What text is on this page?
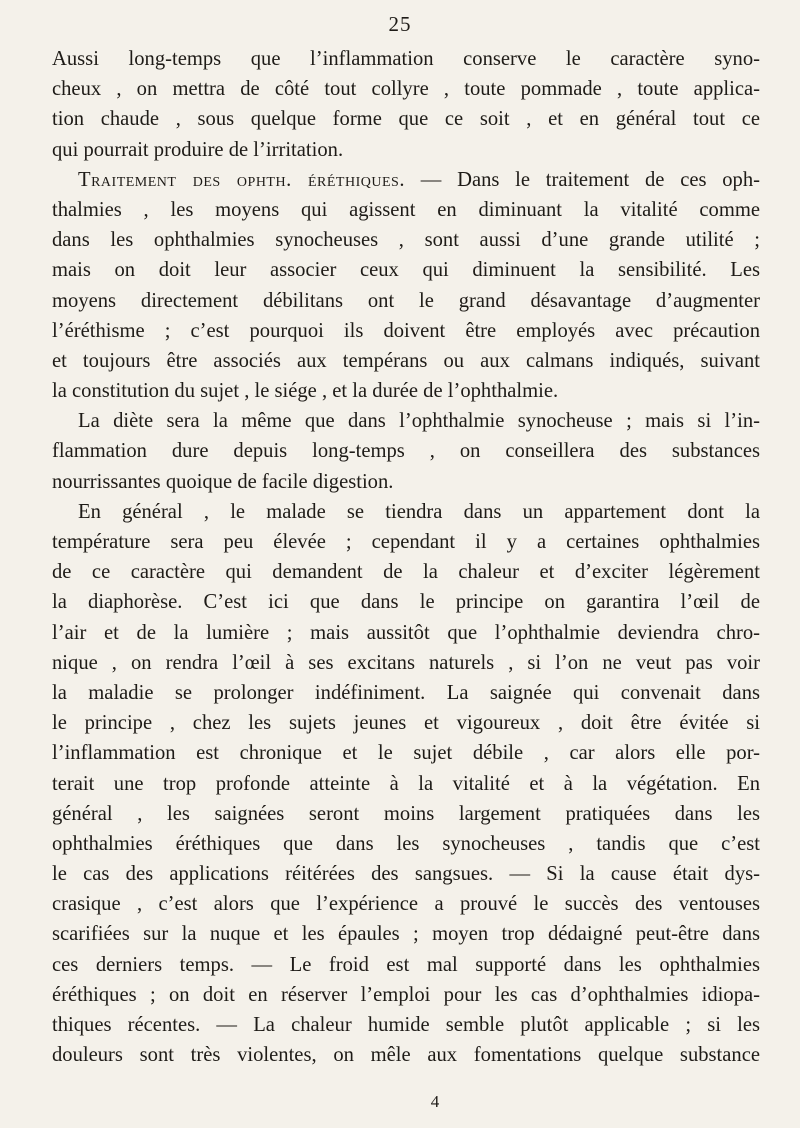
25
Aussi long-temps que l’inflammation conserve le caractère syno-
cheux , on mettra de côté tout collyre , toute pommade , toute applica-
tion chaude , sous quelque forme que ce soit , et en général tout ce
qui pourrait produire de l’irritation.
Traitement des ophth. éréthiques. — Dans le traitement de ces oph-
thalmies , les moyens qui agissent en diminuant la vitalité comme
dans les ophthalmies synocheuses , sont aussi d’une grande utilité ;
mais on doit leur associer ceux qui diminuent la sensibilité. Les
moyens directement débilitans ont le grand désavantage d’augmenter
l’éréthisme ; c’est pourquoi ils doivent être employés avec précaution
et toujours être associés aux tempérans ou aux calmans indiqués, suivant
la constitution du sujet , le siége , et la durée de l’ophthalmie.
La diète sera la même que dans l’ophthalmie synocheuse ; mais si l’in-
flammation dure depuis long-temps , on conseillera des substances
nourrissantes quoique de facile digestion.
En général , le malade se tiendra dans un appartement dont la
température sera peu élevée ; cependant il y a certaines ophthalmies
de ce caractère qui demandent de la chaleur et d’exciter légèrement
la diaphorèse. C’est ici que dans le principe on garantira l’œil de
l’air et de la lumière ; mais aussitôt que l’ophthalmie deviendra chro-
nique , on rendra l’œil à ses excitans naturels , si l’on ne veut pas voir
la maladie se prolonger indéfiniment. La saignée qui convenait dans
le principe , chez les sujets jeunes et vigoureux , doit être évitée si
l’inflammation est chronique et le sujet débile , car alors elle por-
terait une trop profonde atteinte à la vitalité et à la végétation. En
général , les saignées seront moins largement pratiquées dans les
ophthalmies éréthiques que dans les synocheuses , tandis que c’est
le cas des applications réitérées des sangsues. — Si la cause était dys-
crasique , c’est alors que l’expérience a prouvé le succès des ventouses
scarifiées sur la nuque et les épaules ; moyen trop dédaigné peut-être dans
ces derniers temps. — Le froid est mal supporté dans les ophthalmies
éréthiques ; on doit en réserver l’emploi pour les cas d’ophthalmies idiopa-
thiques récentes. — La chaleur humide semble plutôt applicable ; si les
douleurs sont très violentes, on mêle aux fomentations quelque substance
4
